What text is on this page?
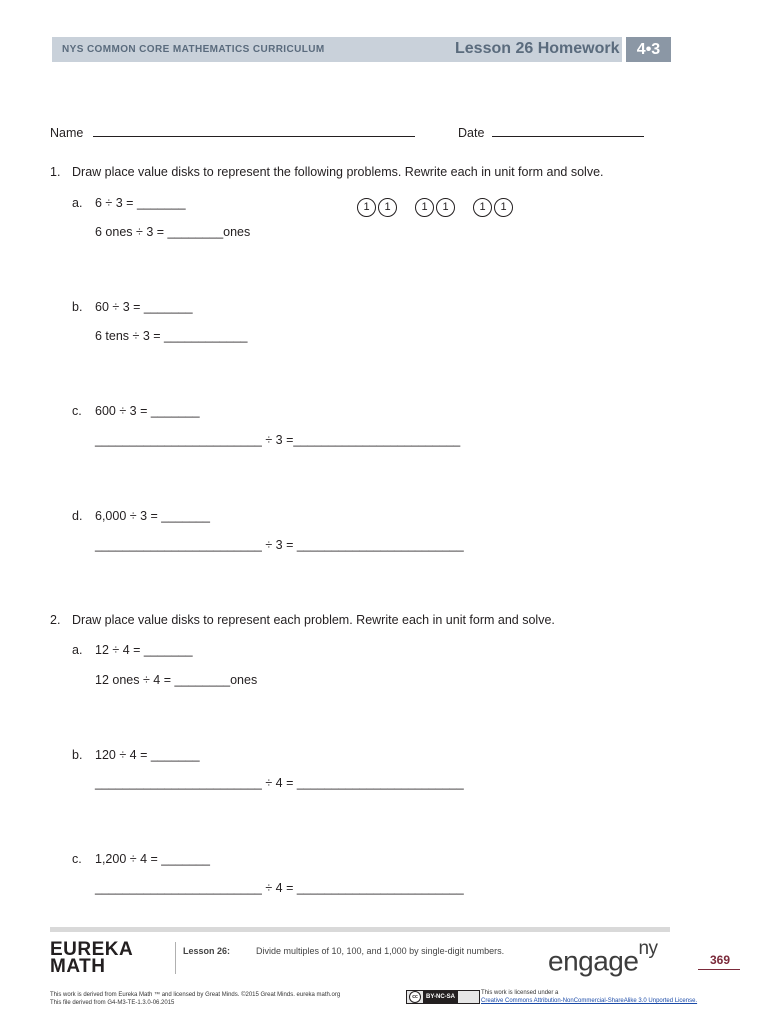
NYS COMMON CORE MATHEMATICS CURRICULUM	Lesson 26 Homework	4•3
Name	Date
1. Draw place value disks to represent the following problems. Rewrite each in unit form and solve.
a. 6 ÷ 3 = _______
6 ones ÷ 3 = ________ones
1	1	1	1	1	1
b. 60 ÷ 3 = _______
6 tens ÷ 3 = ____________
c. 600 ÷ 3 = _______
________________________ ÷ 3 =________________________
d. 6,000 ÷ 3 = _______
________________________ ÷ 3 = ________________________
2. Draw place value disks to represent each problem. Rewrite each in unit form and solve.
a. 12 ÷ 4 = _______
12 ones ÷ 4 = ________ones
b. 120 ÷ 4 = _______
________________________ ÷ 4 = ________________________
c. 1,200 ÷ 4 = _______
________________________ ÷ 4 = ________________________
EUREKA
MATH
Lesson 26:	Divide multiples of 10, 100, and 1,000 by single-digit numbers. engage$^{ny}$
369
This work is derived from Eureka Math ™ and licensed by Great Minds. ©2015 Great Minds. eureka math.org
This file derived from G4-M3-TE-1.3.0-06.2015
cc	BY-NC-SA
This work is licensed under a
Creative Commons Attribution-NonCommercial-ShareAlike 3.0 Unported License.
